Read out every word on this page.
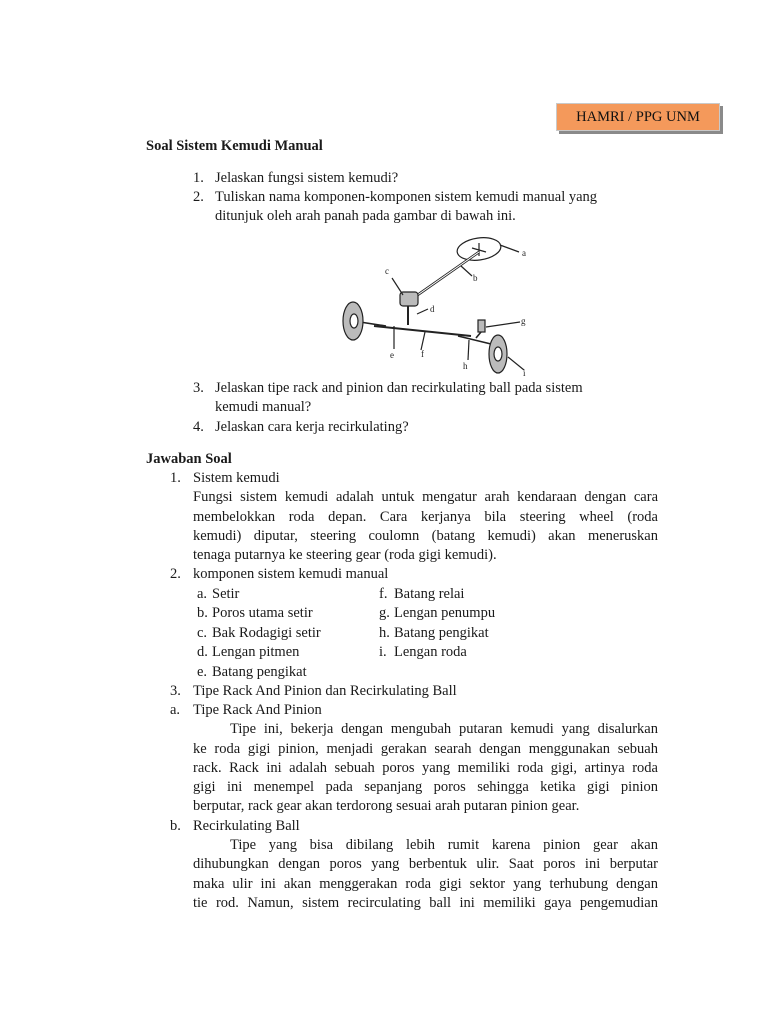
HAMRI / PPG UNM
Soal Sistem Kemudi Manual
1. Jelaskan fungsi sistem kemudi?
2. Tuliskan nama komponen-komponen sistem kemudi manual yang
ditunjuk oleh arah panah pada gambar di bawah ini.
a
b
c
d
e	f
g
h
i
3. Jelaskan tipe rack and pinion dan recirkulating ball pada sistem
kemudi manual?
4. Jelaskan cara kerja recirkulating?
Jawaban Soal
1. Sistem kemudi
Fungsi sistem kemudi adalah untuk mengatur arah kendaraan dengan cara
membelokkan roda depan. Cara kerjanya bila steering wheel (roda
kemudi) diputar, steering coulomn (batang kemudi) akan meneruskan
tenaga putarnya ke steering gear (roda gigi kemudi).
2. komponen sistem kemudi manual
a. Setir
b. Poros utama setir
c. Bak Rodagigi setir
d. Lengan pitmen
e. Batang pengikat
f. Batang relai
g. Lengan penumpu
h. Batang pengikat
i. Lengan roda
3. Tipe Rack And Pinion dan Recirkulating Ball
a. Tipe Rack And Pinion
Tipe ini, bekerja dengan mengubah putaran kemudi yang disalurkan
ke roda gigi pinion, menjadi gerakan searah dengan menggunakan sebuah
rack. Rack ini adalah sebuah poros yang memiliki roda gigi, artinya roda
gigi ini menempel pada sepanjang poros sehingga ketika gigi pinion
berputar, rack gear akan terdorong sesuai arah putaran pinion gear.
b. Recirkulating Ball
Tipe yang bisa dibilang lebih rumit karena pinion gear akan
dihubungkan dengan poros yang berbentuk ulir. Saat poros ini berputar
maka ulir ini akan menggerakan roda gigi sektor yang terhubung dengan
tie rod. Namun, sistem recirculating ball ini memiliki gaya pengemudian
